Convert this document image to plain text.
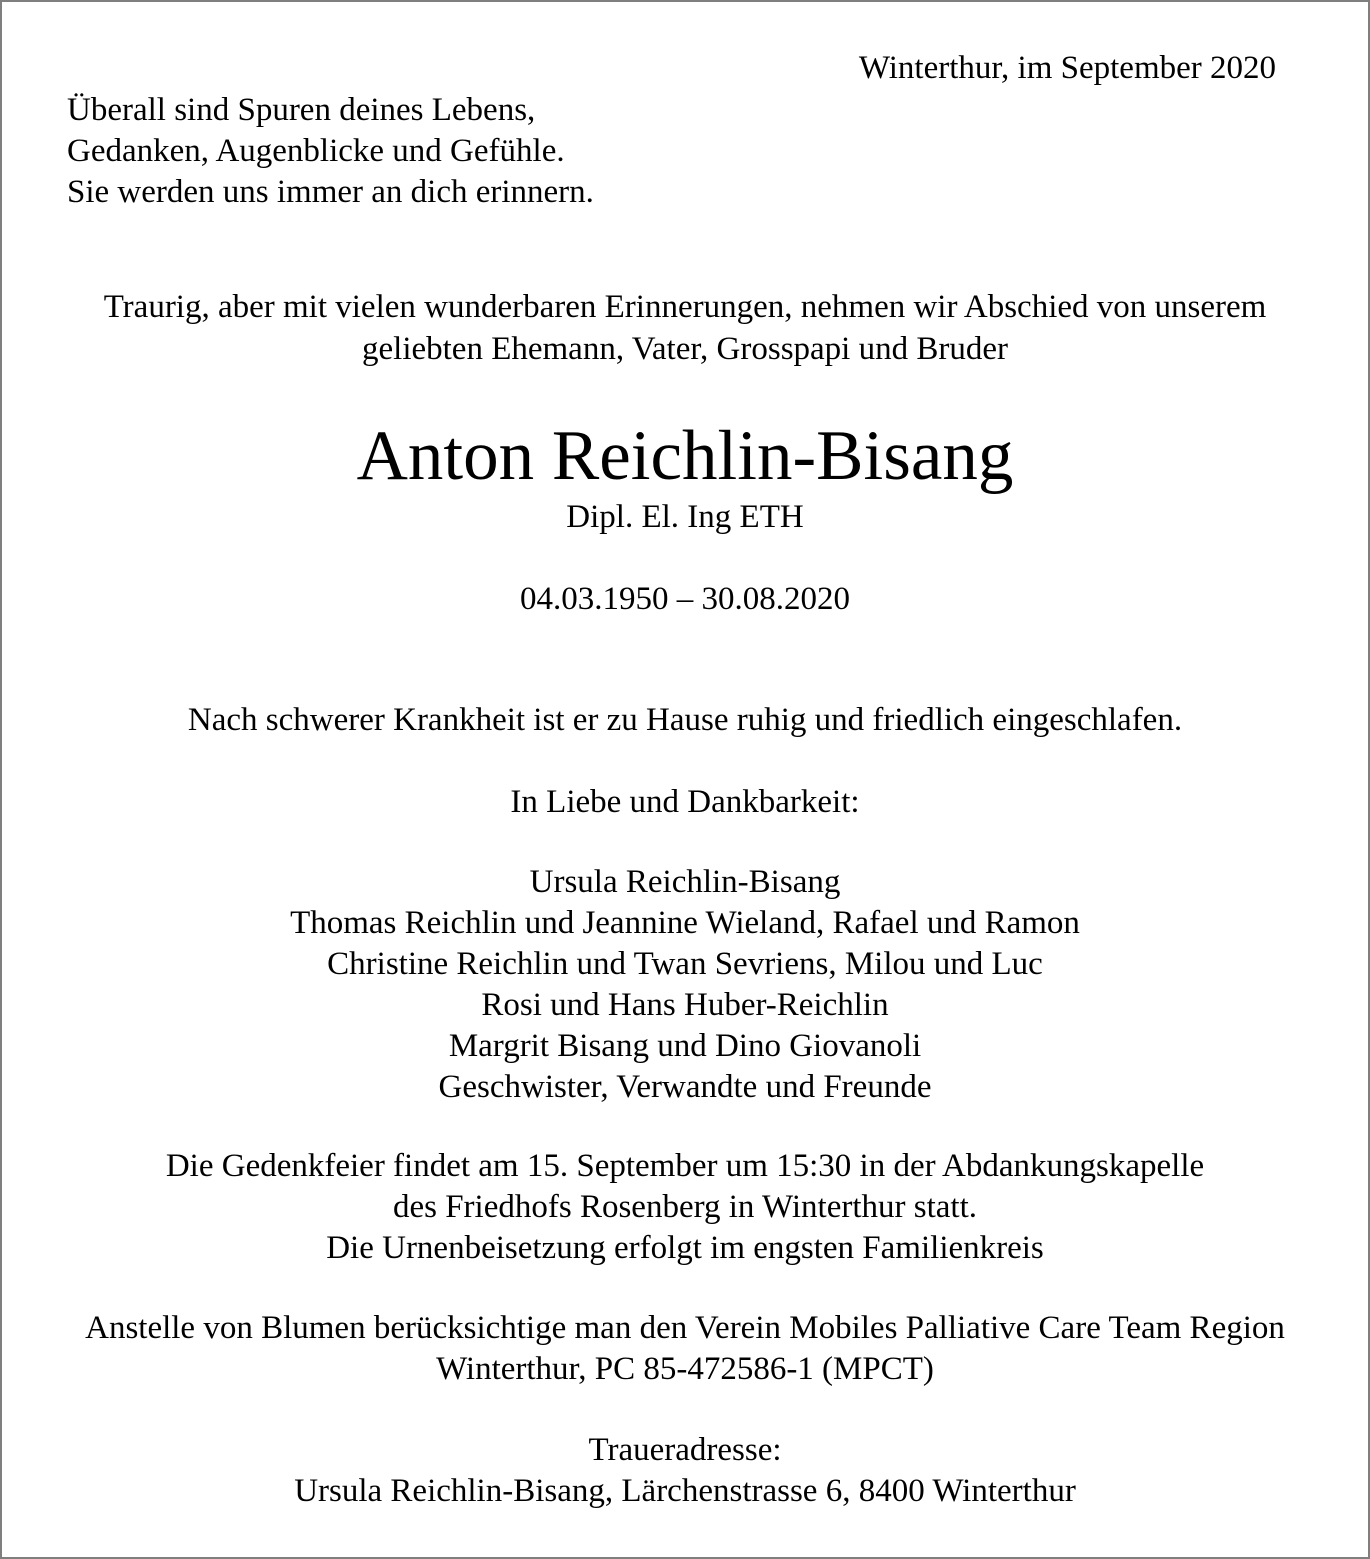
Winterthur, im September 2020
Überall sind Spuren deines Lebens,
Gedanken, Augenblicke und Gefühle.
Sie werden uns immer an dich erinnern.
Traurig, aber mit vielen wunderbaren Erinnerungen, nehmen wir Abschied von unserem
geliebten Ehemann, Vater, Grosspapi und Bruder
Anton Reichlin-Bisang
Dipl. El. Ing ETH
04.03.1950 – 30.08.2020
Nach schwerer Krankheit ist er zu Hause ruhig und friedlich eingeschlafen.
In Liebe und Dankbarkeit:
Ursula Reichlin-Bisang
Thomas Reichlin und Jeannine Wieland, Rafael und Ramon
Christine Reichlin und Twan Sevriens, Milou und Luc
Rosi und Hans Huber-Reichlin
Margrit Bisang und Dino Giovanoli
Geschwister, Verwandte und Freunde
Die Gedenkfeier findet am 15. September um 15:30 in der Abdankungskapelle
des Friedhofs Rosenberg in Winterthur statt.
Die Urnenbeisetzung erfolgt im engsten Familienkreis
Anstelle von Blumen berücksichtige man den Verein Mobiles Palliative Care Team Region
Winterthur, PC 85-472586-1 (MPCT)
Traueradresse:
Ursula Reichlin-Bisang, Lärchenstrasse 6, 8400 Winterthur
